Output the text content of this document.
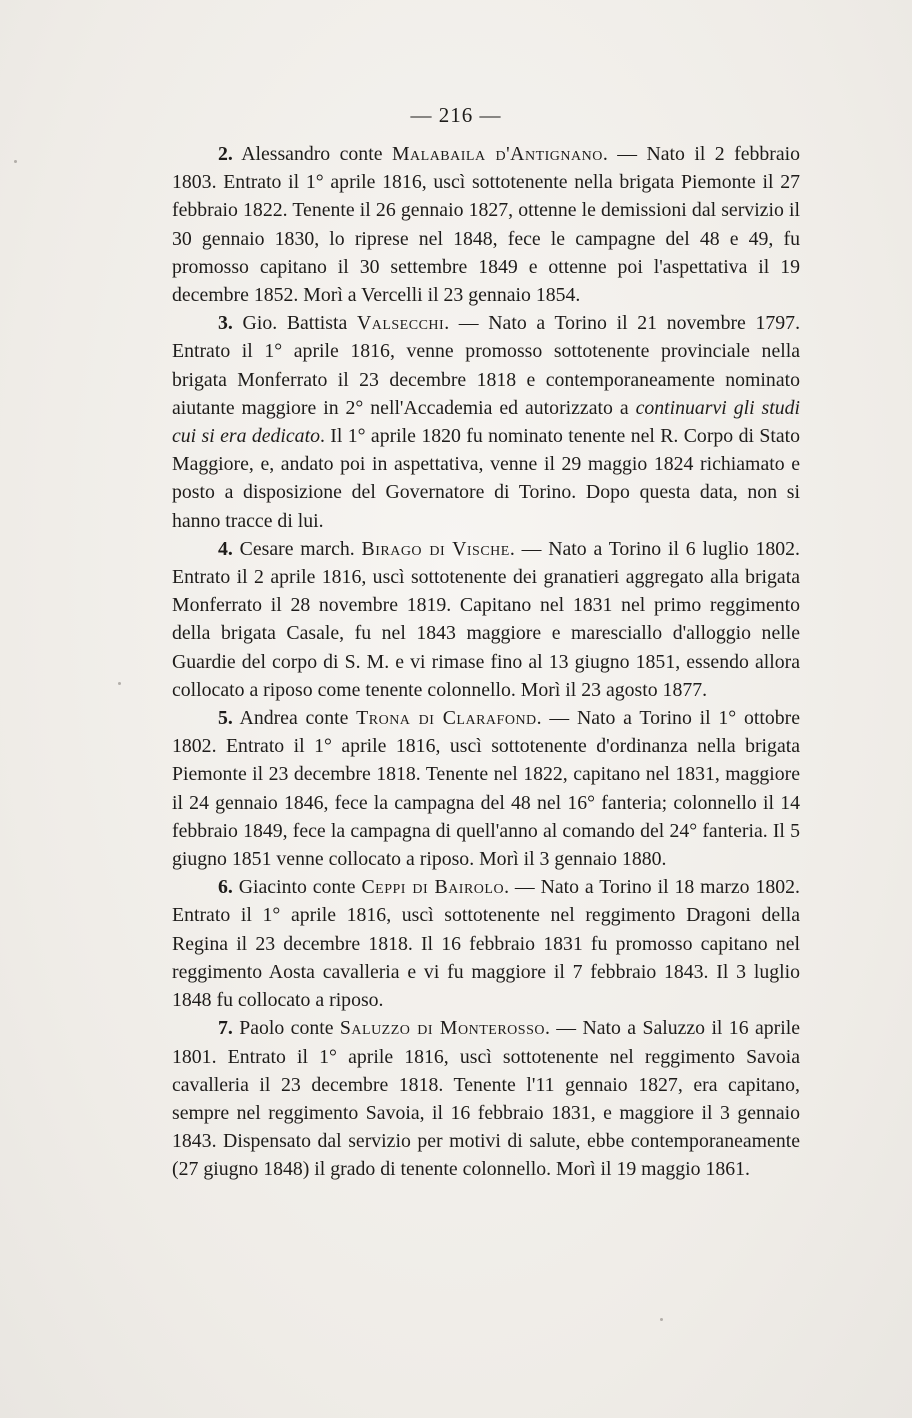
— 216 —

2. Alessandro conte Malabaila d'Antignano. — Nato il 2 febbraio 1803. Entrato il 1° aprile 1816, uscì sottotenente nella brigata Piemonte il 27 febbraio 1822. Tenente il 26 gennaio 1827, ottenne le demissioni dal servizio il 30 gennaio 1830, lo riprese nel 1848, fece le campagne del 48 e 49, fu promosso capitano il 30 settembre 1849 e ottenne poi l'aspettativa il 19 decembre 1852. Morì a Vercelli il 23 gennaio 1854.

3. Gio. Battista Valsecchi. — Nato a Torino il 21 novembre 1797. Entrato il 1° aprile 1816, venne promosso sottotenente provinciale nella brigata Monferrato il 23 decembre 1818 e contemporaneamente nominato aiutante maggiore in 2° nell'Accademia ed autorizzato a continuarvi gli studi cui si era dedicato. Il 1° aprile 1820 fu nominato tenente nel R. Corpo di Stato Maggiore, e, andato poi in aspettativa, venne il 29 maggio 1824 richiamato e posto a disposizione del Governatore di Torino. Dopo questa data, non si hanno tracce di lui.

4. Cesare march. Birago di Vische. — Nato a Torino il 6 luglio 1802. Entrato il 2 aprile 1816, uscì sottotenente dei granatieri aggregato alla brigata Monferrato il 28 novembre 1819. Capitano nel 1831 nel primo reggimento della brigata Casale, fu nel 1843 maggiore e maresciallo d'alloggio nelle Guardie del corpo di S. M. e vi rimase fino al 13 giugno 1851, essendo allora collocato a riposo come tenente colonnello. Morì il 23 agosto 1877.

5. Andrea conte Trona di Clarafond. — Nato a Torino il 1° ottobre 1802. Entrato il 1° aprile 1816, uscì sottotenente d'ordinanza nella brigata Piemonte il 23 decembre 1818. Tenente nel 1822, capitano nel 1831, maggiore il 24 gennaio 1846, fece la campagna del 48 nel 16° fanteria; colonnello il 14 febbraio 1849, fece la campagna di quell'anno al comando del 24° fanteria. Il 5 giugno 1851 venne collocato a riposo. Morì il 3 gennaio 1880.

6. Giacinto conte Ceppi di Bairolo. — Nato a Torino il 18 marzo 1802. Entrato il 1° aprile 1816, uscì sottotenente nel reggimento Dragoni della Regina il 23 decembre 1818. Il 16 febbraio 1831 fu promosso capitano nel reggimento Aosta cavalleria e vi fu maggiore il 7 febbraio 1843. Il 3 luglio 1848 fu collocato a riposo.

7. Paolo conte Saluzzo di Monterosso. — Nato a Saluzzo il 16 aprile 1801. Entrato il 1° aprile 1816, uscì sottotenente nel reggimento Savoia cavalleria il 23 decembre 1818. Tenente l'11 gennaio 1827, era capitano, sempre nel reggimento Savoia, il 16 febbraio 1831, e maggiore il 3 gennaio 1843. Dispensato dal servizio per motivi di salute, ebbe contemporaneamente (27 giugno 1848) il grado di tenente colonnello. Morì il 19 maggio 1861.
